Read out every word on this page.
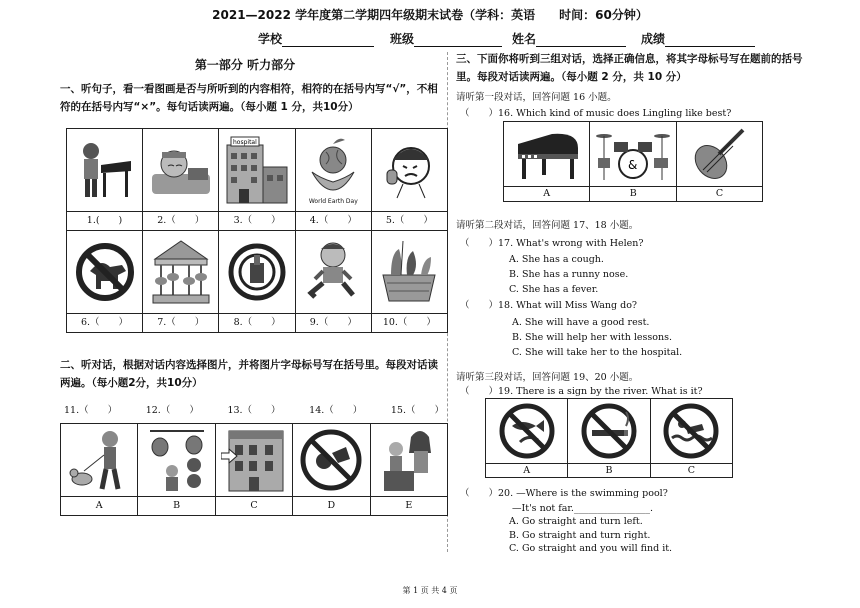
2021—2022 学年度第二学期四年级期末试卷（学科：英语　　时间：60分钟）
学校	班级	姓名	成绩
第一部分 听力部分
一、听句子，看一看图画是否与所听到的内容相符，相符的在括号内写“√”，不相符的在括号内写“×”。每句话读两遍。（每小题 1 分，共10分）

hospital	World Earth Day

1.(　　)	2.（　　）	3.（　　）	4.（　　）	5.（　　）

6.（　　）	7.（　　）	8.（　　）	9.（　　）	10.（　　）
二、听对话，根据对话内容选择图片，并将图片字母标号写在括号里。每段对话读两遍。（每小题2分，共10分）
11.（　　）	12.（　　）	13.（　　）	14.（　　）	15.（　　）

A	B	C	D	E
三、下面你将听到三组对话，选择正确信息，将其字母标号写在题前的括号里。每段对话读两遍。（每小题 2 分，共 10 分）
请听第一段对话，回答问题 16 小题。
（　　）16. Which kind of music does Lingling like best?

&

A	B	C
请听第二段对话，回答问题 17、18 小题。
（　　）17. What's wrong with Helen?
A. She has a cough.
B. She has a runny nose.
C. She has a fever.
（　　）18. What will Miss Wang do?
A. She will have a good rest.
B. She will help her with lessons.
C. She will take her to the hospital.
请听第三段对话，回答问题 19、20 小题。
（　　）19. There is a sign by the river. What is it?

A	B	C
（　　）20. —Where is the swimming pool?
—It's not far.________________.
A. Go straight and turn left.
B. Go straight and turn right.
C. Go straight and you will find it.
第 1 页 共 4 页
